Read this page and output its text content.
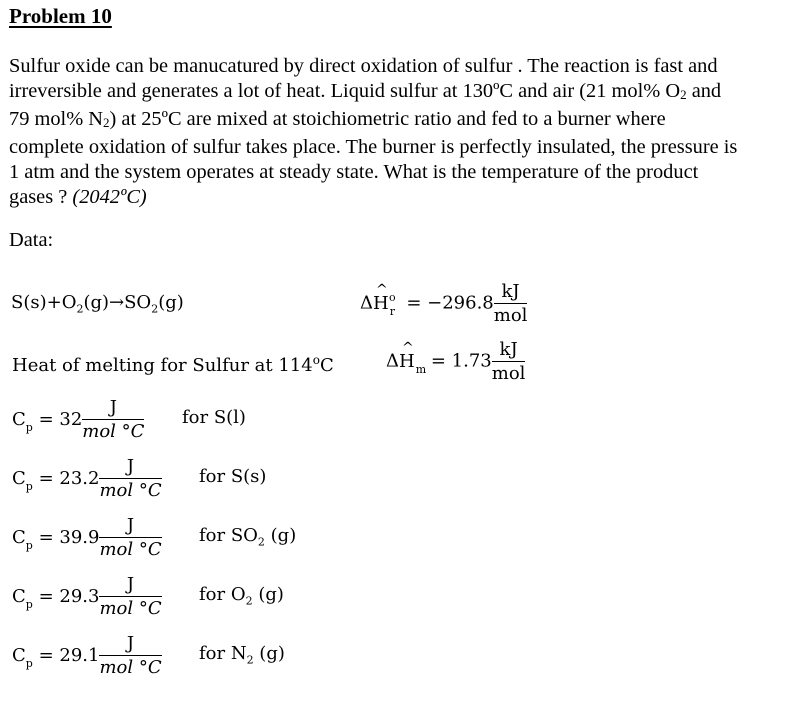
Problem 10
Sulfur oxide can be manucatured by direct oxidation of sulfur . The reaction is fast and
irreversible and generates a lot of heat. Liquid sulfur at 130ºC and air (21 mol% $O_2$ and
79 mol% $N_2$) at 25ºC are mixed at stoichiometric ratio and fed to a burner where
complete oxidation of sulfur takes place. The burner is perfectly insulated, the pressure is
1 atm and the system operates at steady state. What is the temperature of the product
gases ? (2042ºC)
Data:
$S(s)+O_2(g)\to SO_2(g)$	Δ^ $H_r^o = -296.8 \frac{kJ}{\text{mol}}$
Heat of melting for Sulfur at 114$^o$C	Δ^ $H_m = 1.73 \frac{kJ}{\text{mol}}$
$C_p = 32 \frac{J}{\text{mol °C}}$ for S(l)
$C_p = 23.2 \frac{J}{\text{mol °C}}$ for S(s)
$C_p = 39.9 \frac{J}{\text{mol °C}}$ for $SO_2$ (g)
$C_p = 29.3 \frac{J}{\text{mol °C}}$ for $O_2$ (g)
$C_p = 29.1 \frac{J}{\text{mol °C}}$ for $N_2$ (g)
